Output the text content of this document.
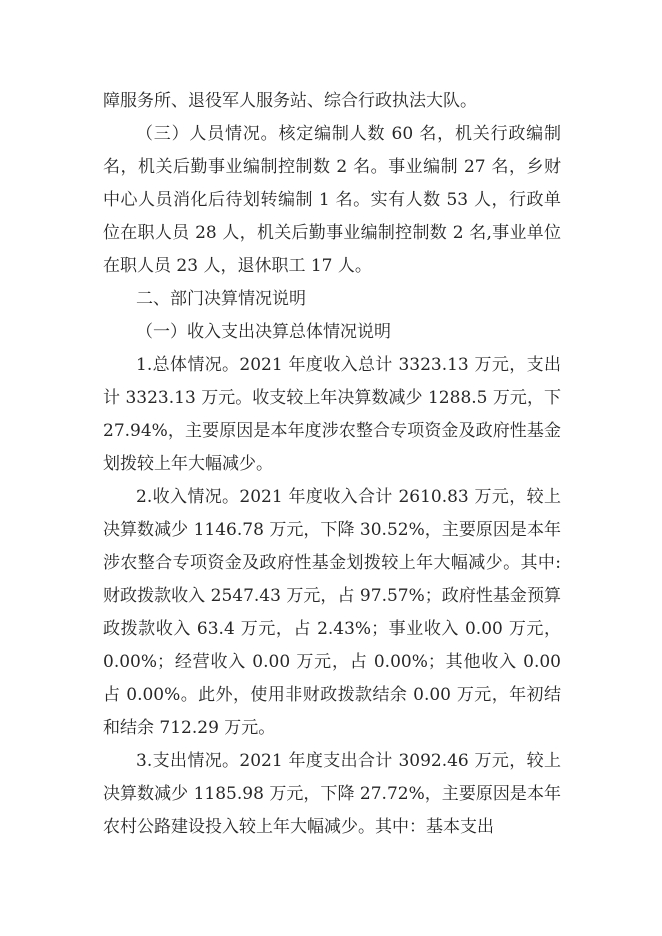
障服务所、退役军人服务站、综合行政执法大队。
（三）人员情况。核定编制人数 60 名，机关行政编制
名，机关后勤事业编制控制数 2 名。事业编制 27 名，乡财
中心人员消化后待划转编制 1 名。实有人数 53 人，行政单
位在职人员 28 人，机关后勤事业编制控制数 2 名,事业单位
在职人员 23 人，退休职工 17 人。
二、部门决算情况说明
（一）收入支出决算总体情况说明
1.总体情况。2021 年度收入总计 3323.13 万元，支出
计 3323.13 万元。收支较上年决算数减少 1288.5 万元，下
27.94%，主要原因是本年度涉农整合专项资金及政府性基金
划拨较上年大幅减少。
2.收入情况。2021 年度收入合计 2610.83 万元，较上
决算数减少 1146.78 万元，下降 30.52%，主要原因是本年
涉农整合专项资金及政府性基金划拨较上年大幅减少。其中:
财政拨款收入 2547.43 万元，占 97.57%；政府性基金预算
政拨款收入 63.4 万元，占 2.43%；事业收入 0.00 万元，
0.00%；经营收入 0.00 万元，占 0.00%；其他收入 0.00
占 0.00%。此外，使用非财政拨款结余 0.00 万元，年初结
和结余 712.29 万元。
3.支出情况。2021 年度支出合计 3092.46 万元，较上
决算数减少 1185.98 万元，下降 27.72%，主要原因是本年
农村公路建设投入较上年大幅减少。其中：基本支出
